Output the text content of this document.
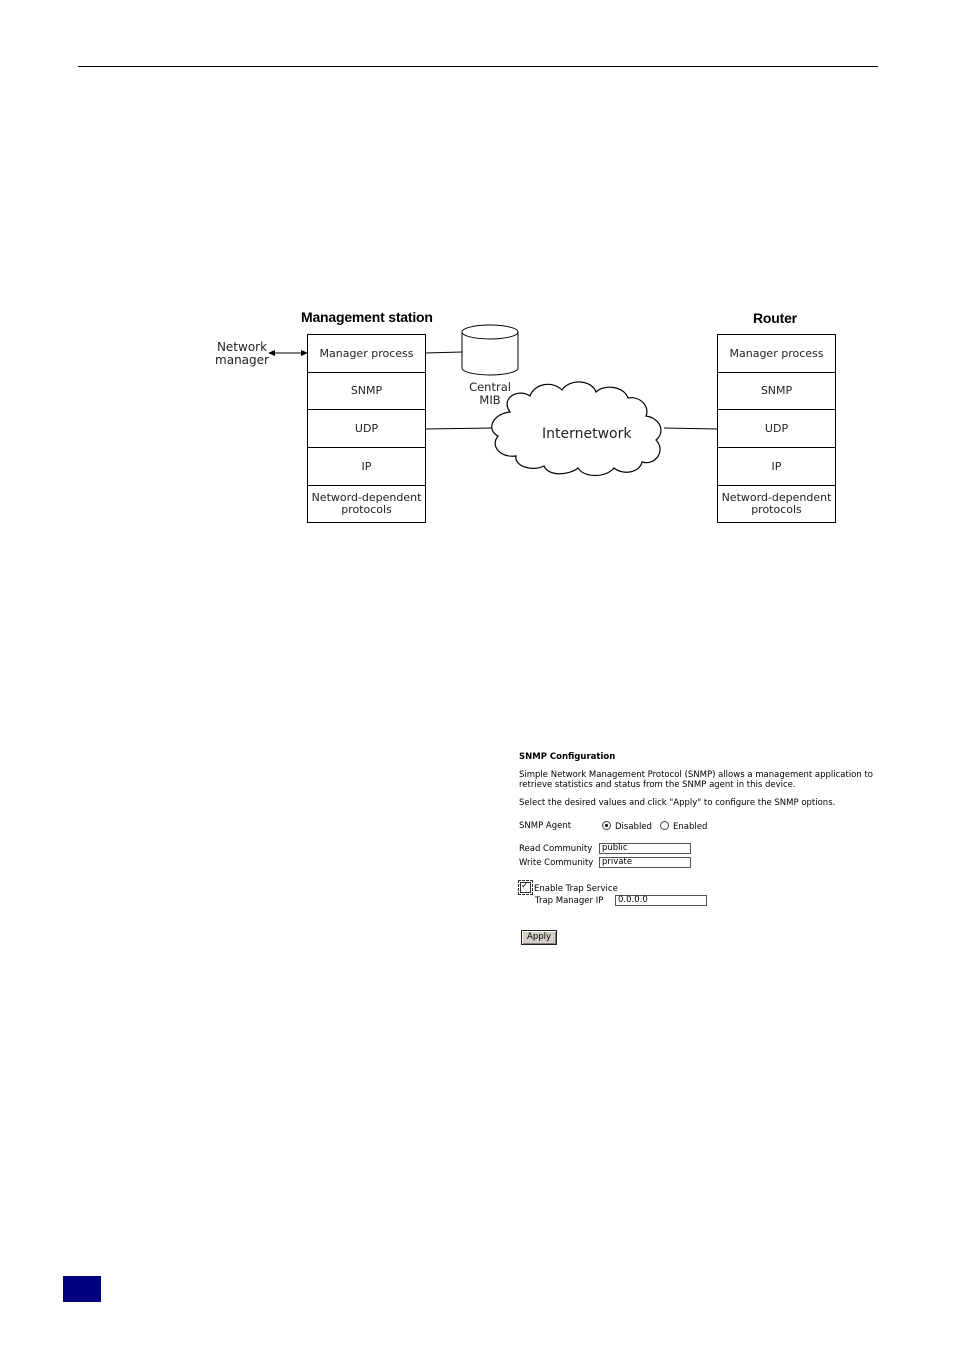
Management station	Router
Network
manager
Central
MIB
Internetwork
Manager process
SNMP
UDP
IP
Netword-dependent protocols
Manager process
SNMP
UDP
IP
Netword-dependent protocols
SNMP Configuration
Simple Network Management Protocol (SNMP) allows a management application to
retrieve statistics and status from the SNMP agent in this device.
Select the desired values and click "Apply" to configure the SNMP options.
SNMP Agent	Disabled	Enabled
Read Community	public
Write Community	private
✓Enable Trap Service
Trap Manager IP	0.0.0.0
Apply
